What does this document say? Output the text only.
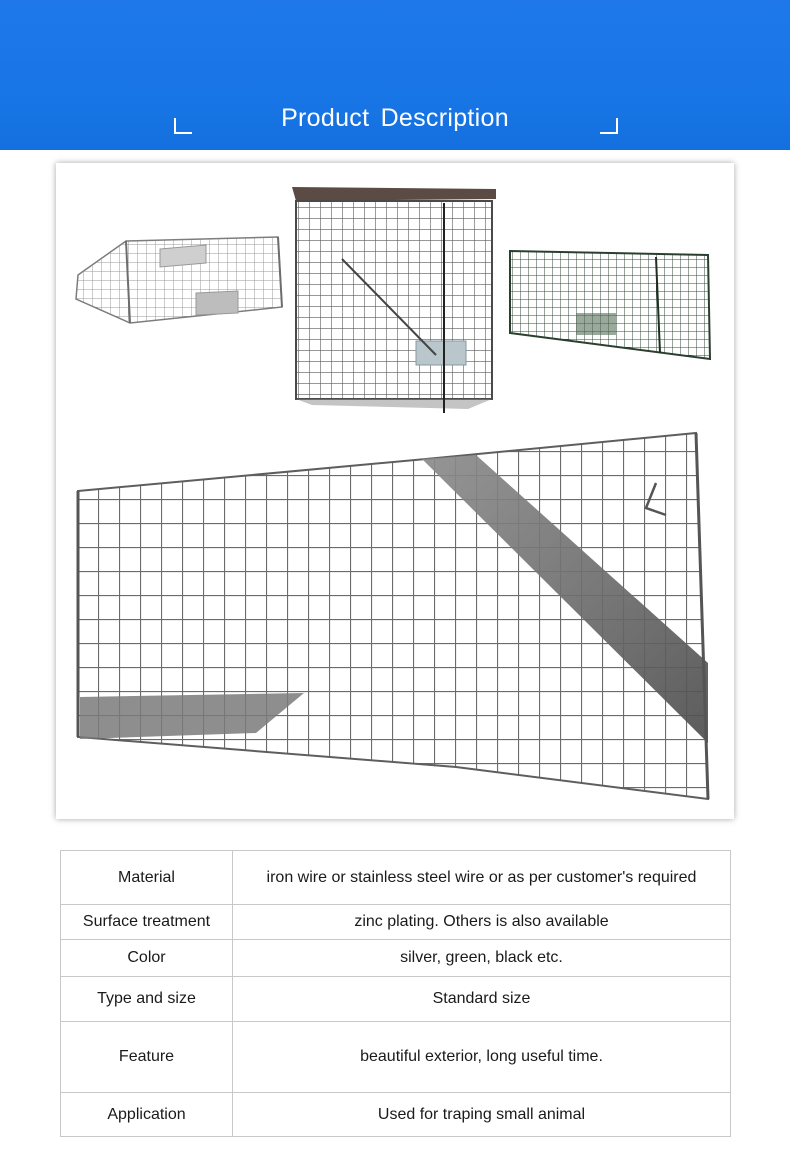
Product Description
Material	iron wire or stainless steel wire or as per customer's required
Surface treatment	zinc plating. Others is also available
Color	silver, green, black etc.
Type and size	Standard size
Feature	beautiful exterior, long useful time.
Application	Used for traping small animal
